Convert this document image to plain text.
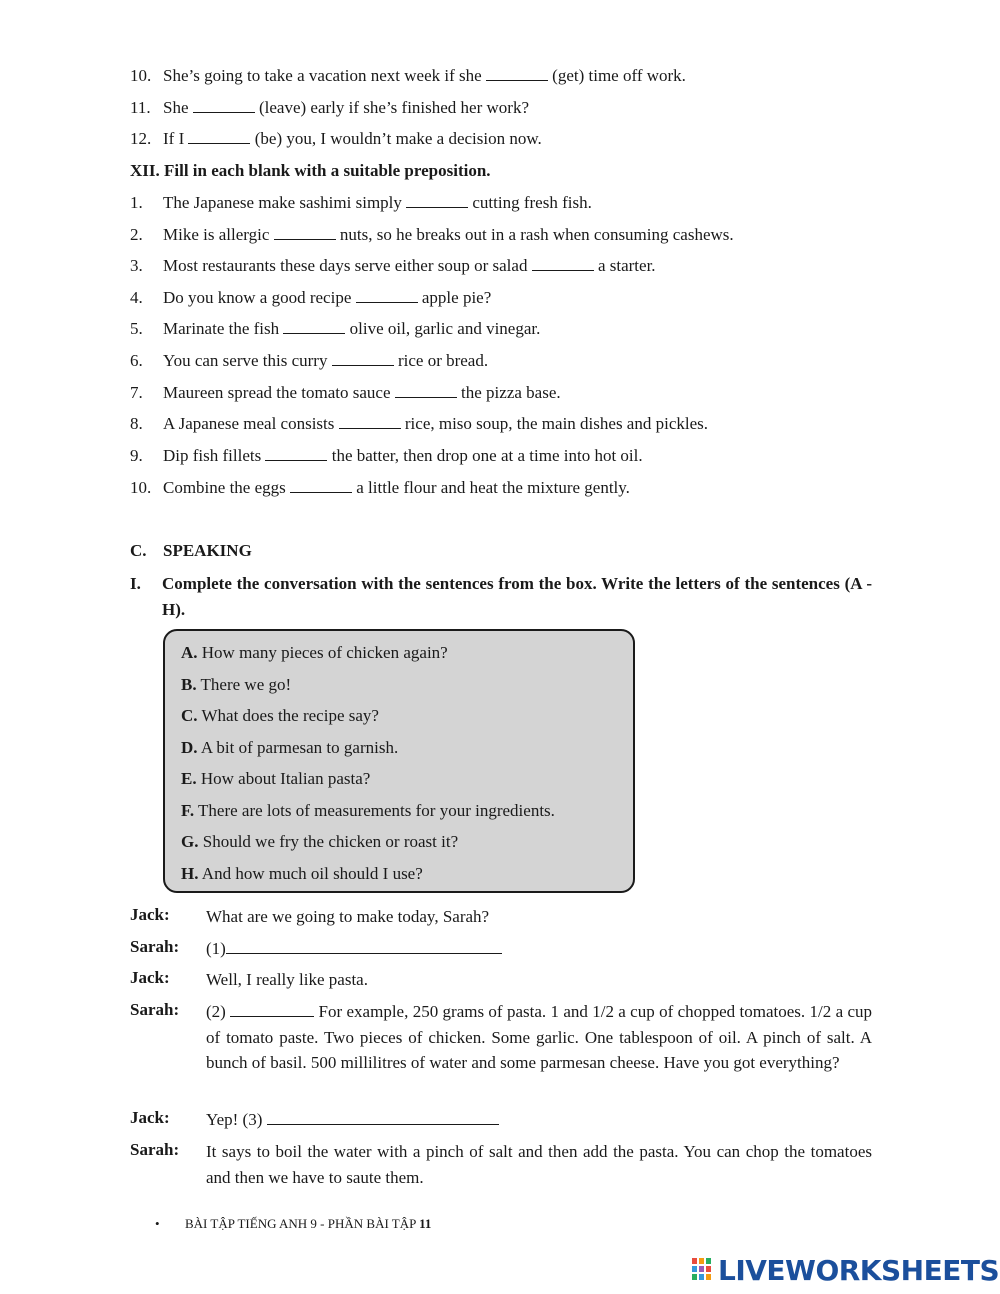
10. She’s going to take a vacation next week if she	(get) time off work.
11. She	(leave) early if she’s finished her work?
12. If I	(be) you, I wouldn’t make a decision now.
XII. Fill in each blank with a suitable preposition.
1. The Japanese make sashimi simply	cutting fresh fish.
2. Mike is allergic	nuts, so he breaks out in a rash when consuming cashews.
3. Most restaurants these days serve either soup or salad	a starter.
4. Do you know a good recipe	apple pie?
5. Marinate the fish	olive oil, garlic and vinegar.
6. You can serve this curry	rice or bread.
7. Maureen spread the tomato sauce	the pizza base.
8. A Japanese meal consists	rice, miso soup, the main dishes and pickles.
9. Dip fish fillets	the batter, then drop one at a time into hot oil.
10. Combine the eggs	a little flour and heat the mixture gently.
C. SPEAKING
I.	Complete the conversation with the sentences from the box. Write the letters of the sentences (A - H).
A. How many pieces of chicken again?
B. There we go!
C. What does the recipe say?
D. A bit of parmesan to garnish.
E. How about Italian pasta?
F. There are lots of measurements for your ingredients.
G. Should we fry the chicken or roast it?
H. And how much oil should I use?
Jack: What are we going to make today, Sarah?
Sarah: (1)
Jack: Well, I really like pasta.
Sarah: (2)	For example, 250 grams of pasta. 1 and 1/2 a cup of chopped tomatoes. 1/2 a cup of tomato paste. Two pieces of chicken. Some garlic. One tablespoon of oil. A pinch of salt. A bunch of basil. 500 millilitres of water and some parmesan cheese. Have you got everything?
Jack: Yep! (3)
Sarah: It says to boil the water with a pinch of salt and then add the pasta. You can chop the tomatoes and then we have to saute them.
• BÀI TẬP TIẾNG ANH 9 - PHẦN BÀI TẬP 11
LIVEWORKSHEETS
